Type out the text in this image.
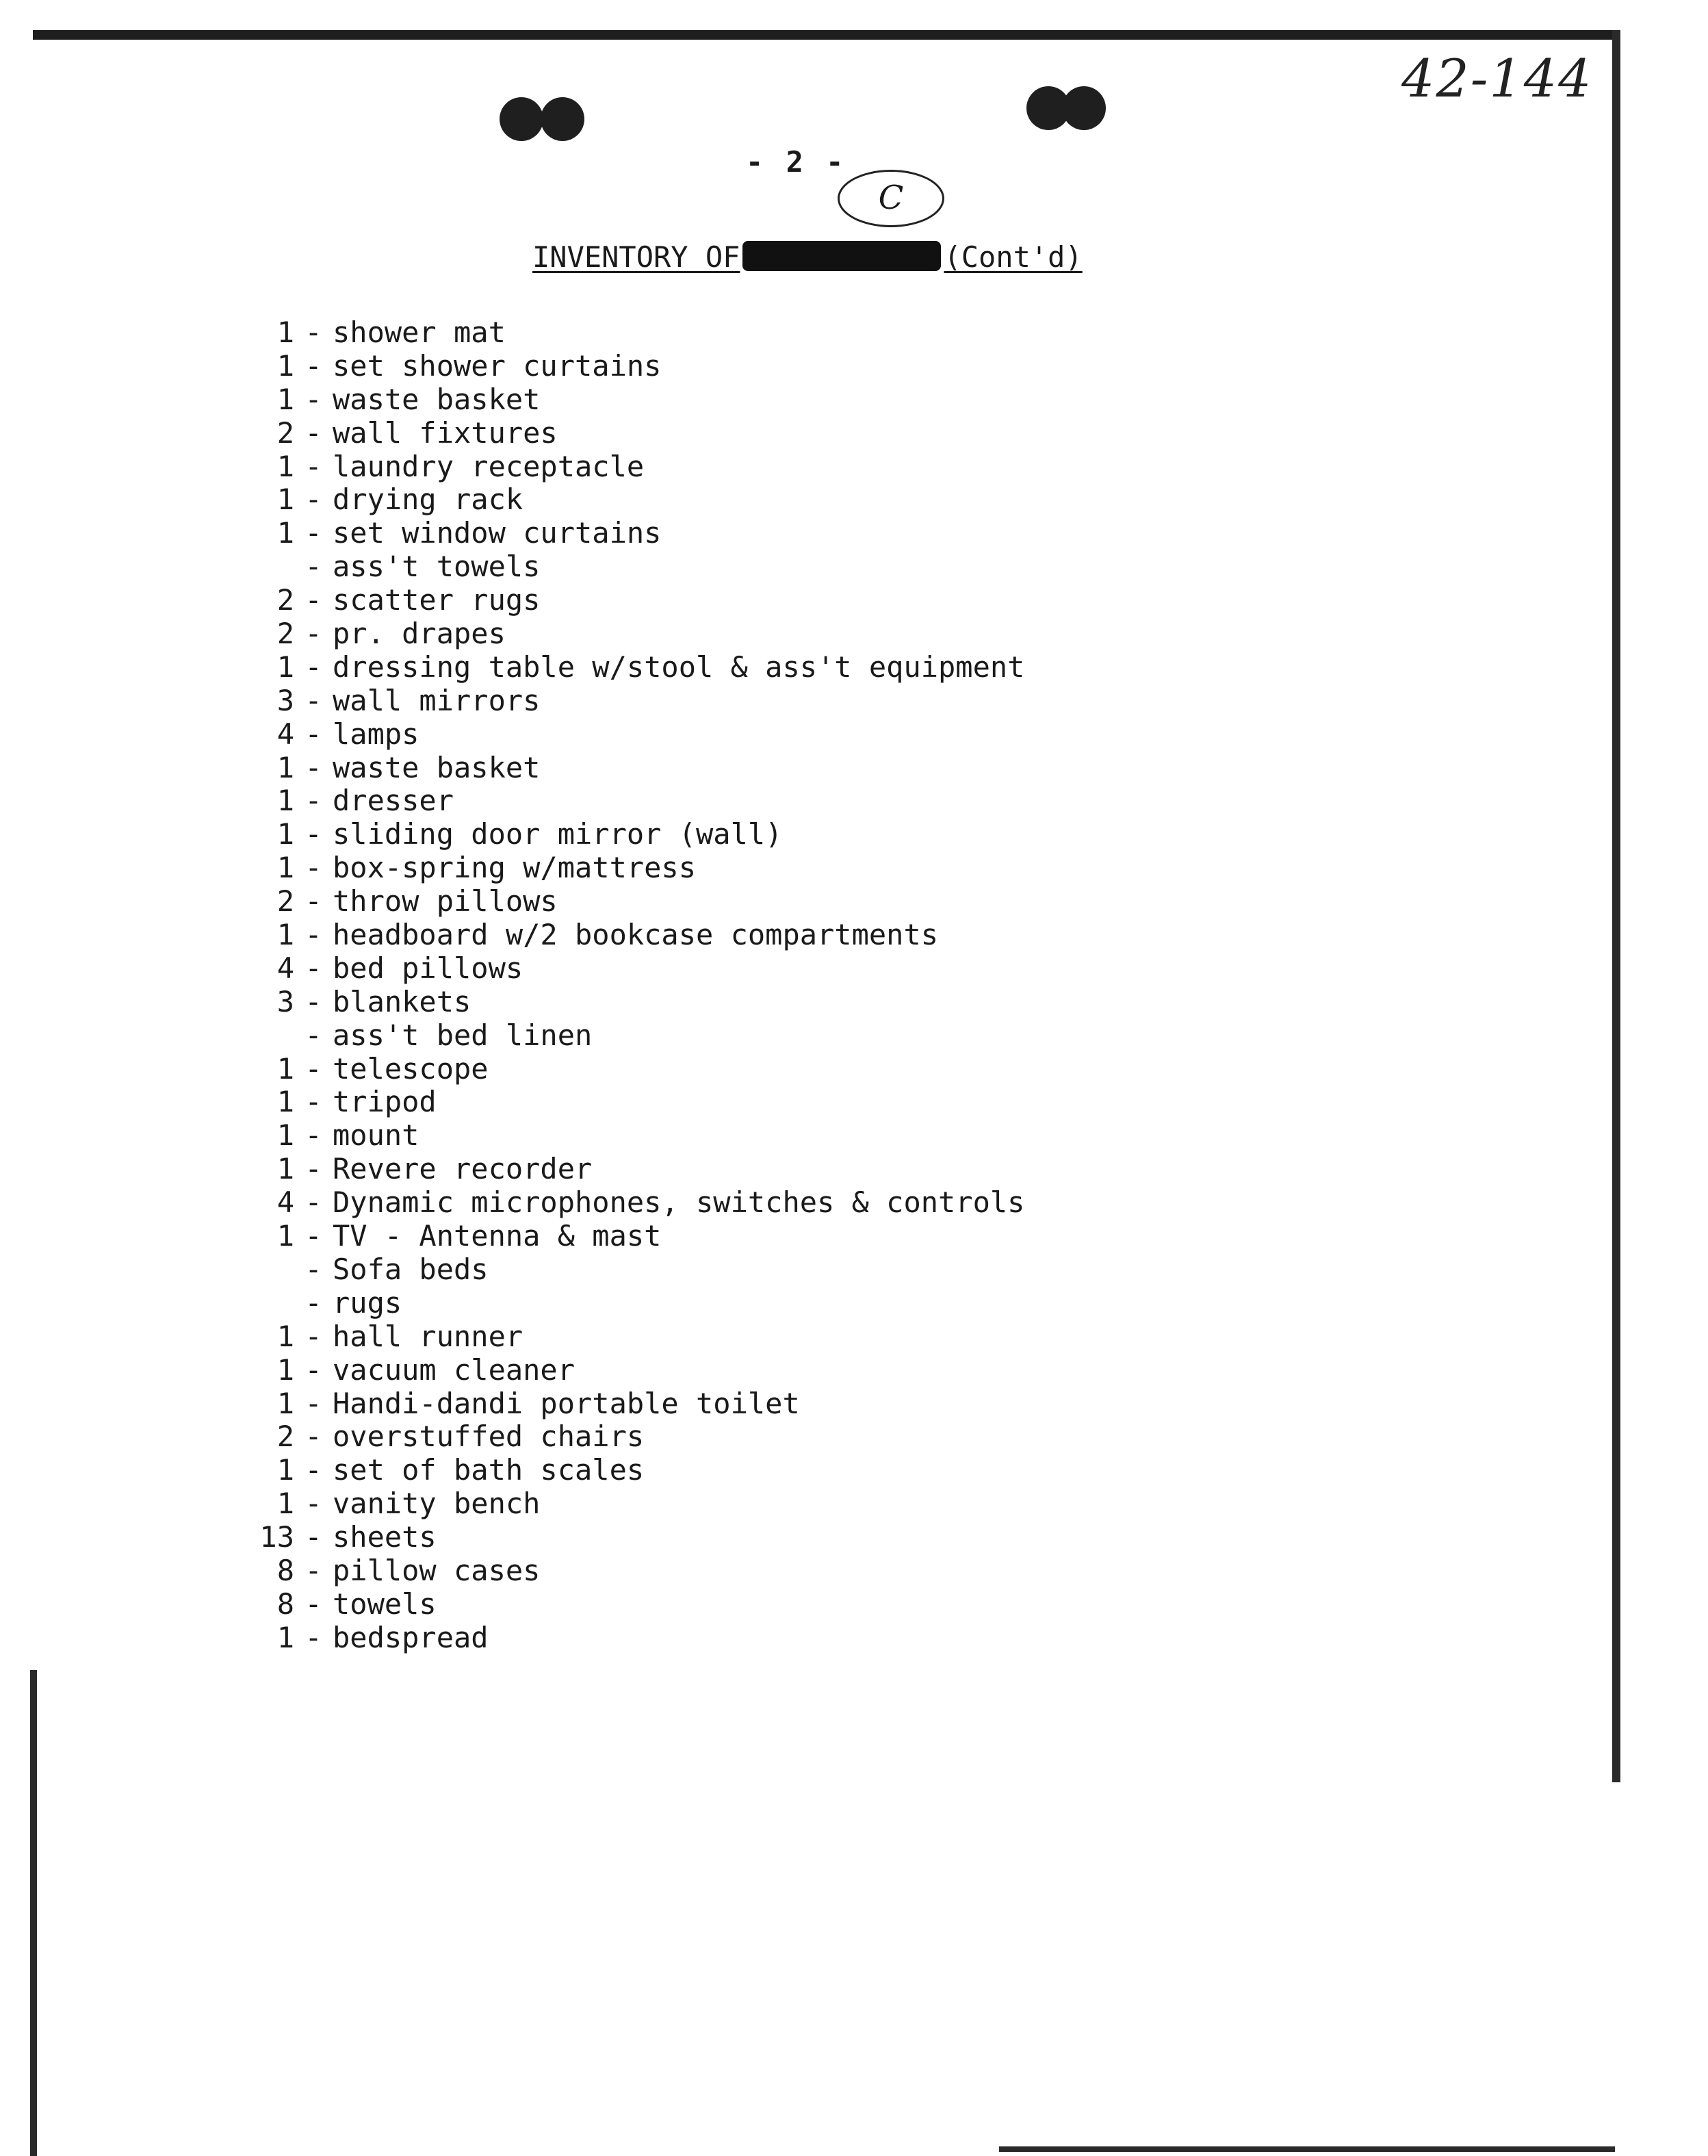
42-144
- 2 -
C
INVENTORY OF	(Cont'd)
1 - shower mat
1 - set shower curtains
1 - waste basket
2 - wall fixtures
1 - laundry receptacle
1 - drying rack
1 - set window curtains
- ass't towels
2 - scatter rugs
2 - pr. drapes
1 - dressing table w/stool & ass't equipment
3 - wall mirrors
4 - lamps
1 - waste basket
1 - dresser
1 - sliding door mirror (wall)
1 - box-spring w/mattress
2 - throw pillows
1 - headboard w/2 bookcase compartments
4 - bed pillows
3 - blankets
- ass't bed linen
1 - telescope
1 - tripod
1 - mount
1 - Revere recorder
4 - Dynamic microphones, switches & controls
1 - TV - Antenna & mast
- Sofa beds
- rugs
1 - hall runner
1 - vacuum cleaner
1 - Handi-dandi portable toilet
2 - overstuffed chairs
1 - set of bath scales
1 - vanity bench
13 - sheets
8 - pillow cases
8 - towels
1 - bedspread
